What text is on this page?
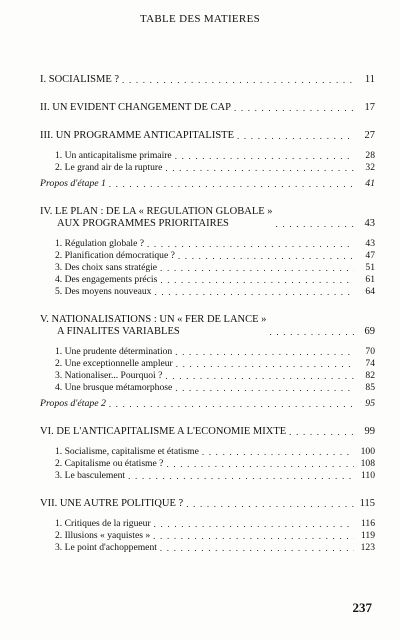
TABLE DES MATIERES
I. SOCIALISME ? . . .	11
II. UN EVIDENT CHANGEMENT DE CAP . . .	17
III. UN PROGRAMME ANTICAPITALISTE . . .	27
1. Un anticapitalisme primaire . . .	28
2. Le grand air de la rupture . . .	32
Propos d'étape 1 . . .	41
IV. LE PLAN : DE LA « REGULATION GLOBALE »
AUX PROGRAMMES PRIORITAIRES . . .	43
1. Régulation globale ? . . .	43
2. Planification démocratique ? . . .	47
3. Des choix sans stratégie . . .	51
4. Des engagements précis . . .	61
5. Des moyens nouveaux . . .	64
V. NATIONALISATIONS : UN « FER DE LANCE »
A FINALITES VARIABLES . . .	69
1. Une prudente détermination . . .	70
2. Une exceptionnelle ampleur . . .	74
3. Nationaliser... Pourquoi ? . . .	82
4. Une brusque métamorphose . . .	85
Propos d'étape 2 . . .	95
VI. DE L'ANTICAPITALISME A L'ECONOMIE MIXTE . . .	99
1. Socialisme, capitalisme et étatisme . . .	100
2. Capitalisme ou étatisme ? . . .	108
3. Le basculement . . .	110
VII. UNE AUTRE POLITIQUE ? . . .	115
1. Critiques de la rigueur . . .	116
2. Illusions « yaquistes » . . .	119
3. Le point d'achoppement . . .	123
237
